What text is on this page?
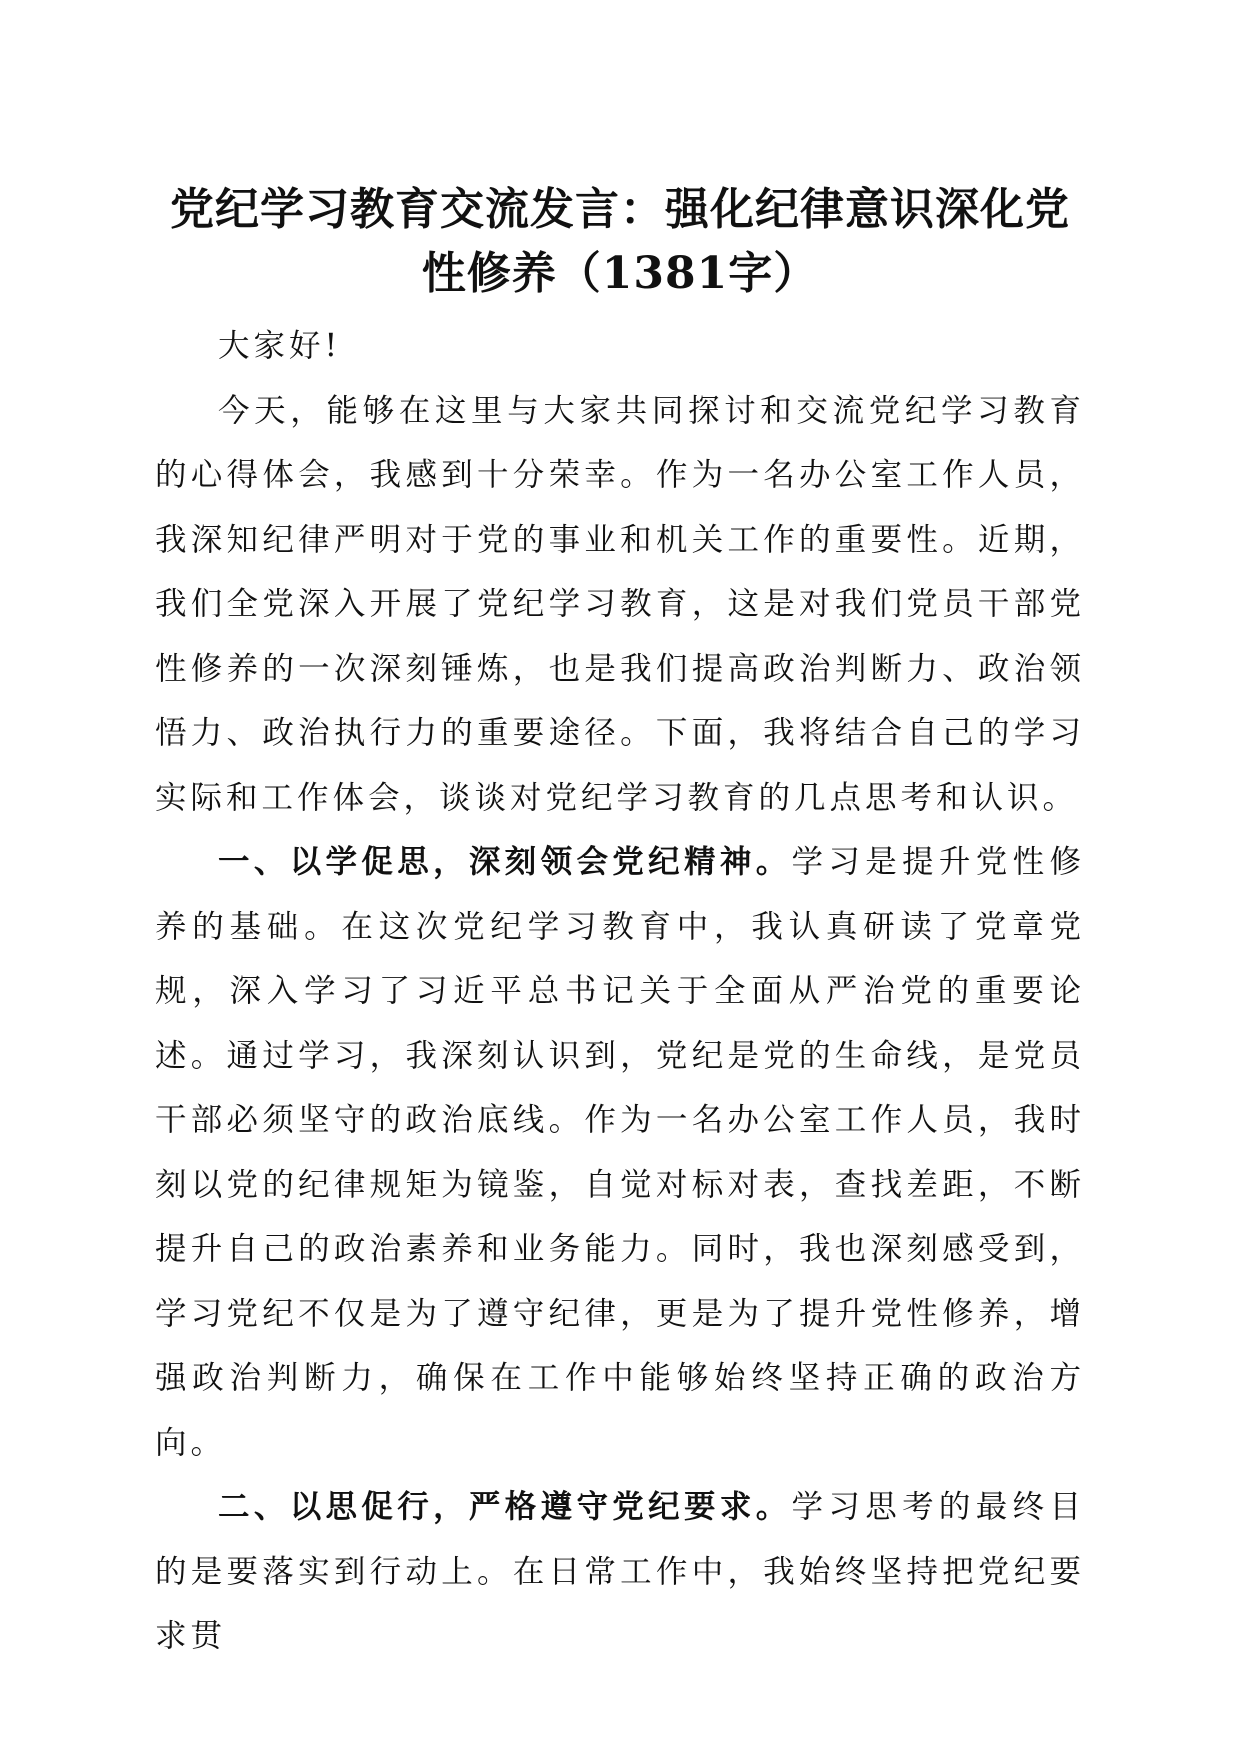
党纪学习教育交流发言：强化纪律意识深化党性修养（1381字）

大家好!

今天，能够在这里与大家共同探讨和交流党纪学习教育的心得体会，我感到十分荣幸。作为一名办公室工作人员，我深知纪律严明对于党的事业和机关工作的重要性。近期，我们全党深入开展了党纪学习教育，这是对我们党员干部党性修养的一次深刻锤炼，也是我们提高政治判断力、政治领悟力、政治执行力的重要途径。下面，我将结合自己的学习实际和工作体会，谈谈对党纪学习教育的几点思考和认识。

一、以学促思，深刻领会党纪精神。学习是提升党性修养的基础。在这次党纪学习教育中，我认真研读了党章党规，深入学习了习近平总书记关于全面从严治党的重要论述。通过学习，我深刻认识到，党纪是党的生命线，是党员干部必须坚守的政治底线。作为一名办公室工作人员，我时刻以党的纪律规矩为镜鉴，自觉对标对表，查找差距，不断提升自己的政治素养和业务能力。同时，我也深刻感受到，学习党纪不仅是为了遵守纪律，更是为了提升党性修养，增强政治判断力，确保在工作中能够始终坚持正确的政治方向。

二、以思促行，严格遵守党纪要求。学习思考的最终目的是要落实到行动上。在日常工作中，我始终坚持把党纪要求贯
